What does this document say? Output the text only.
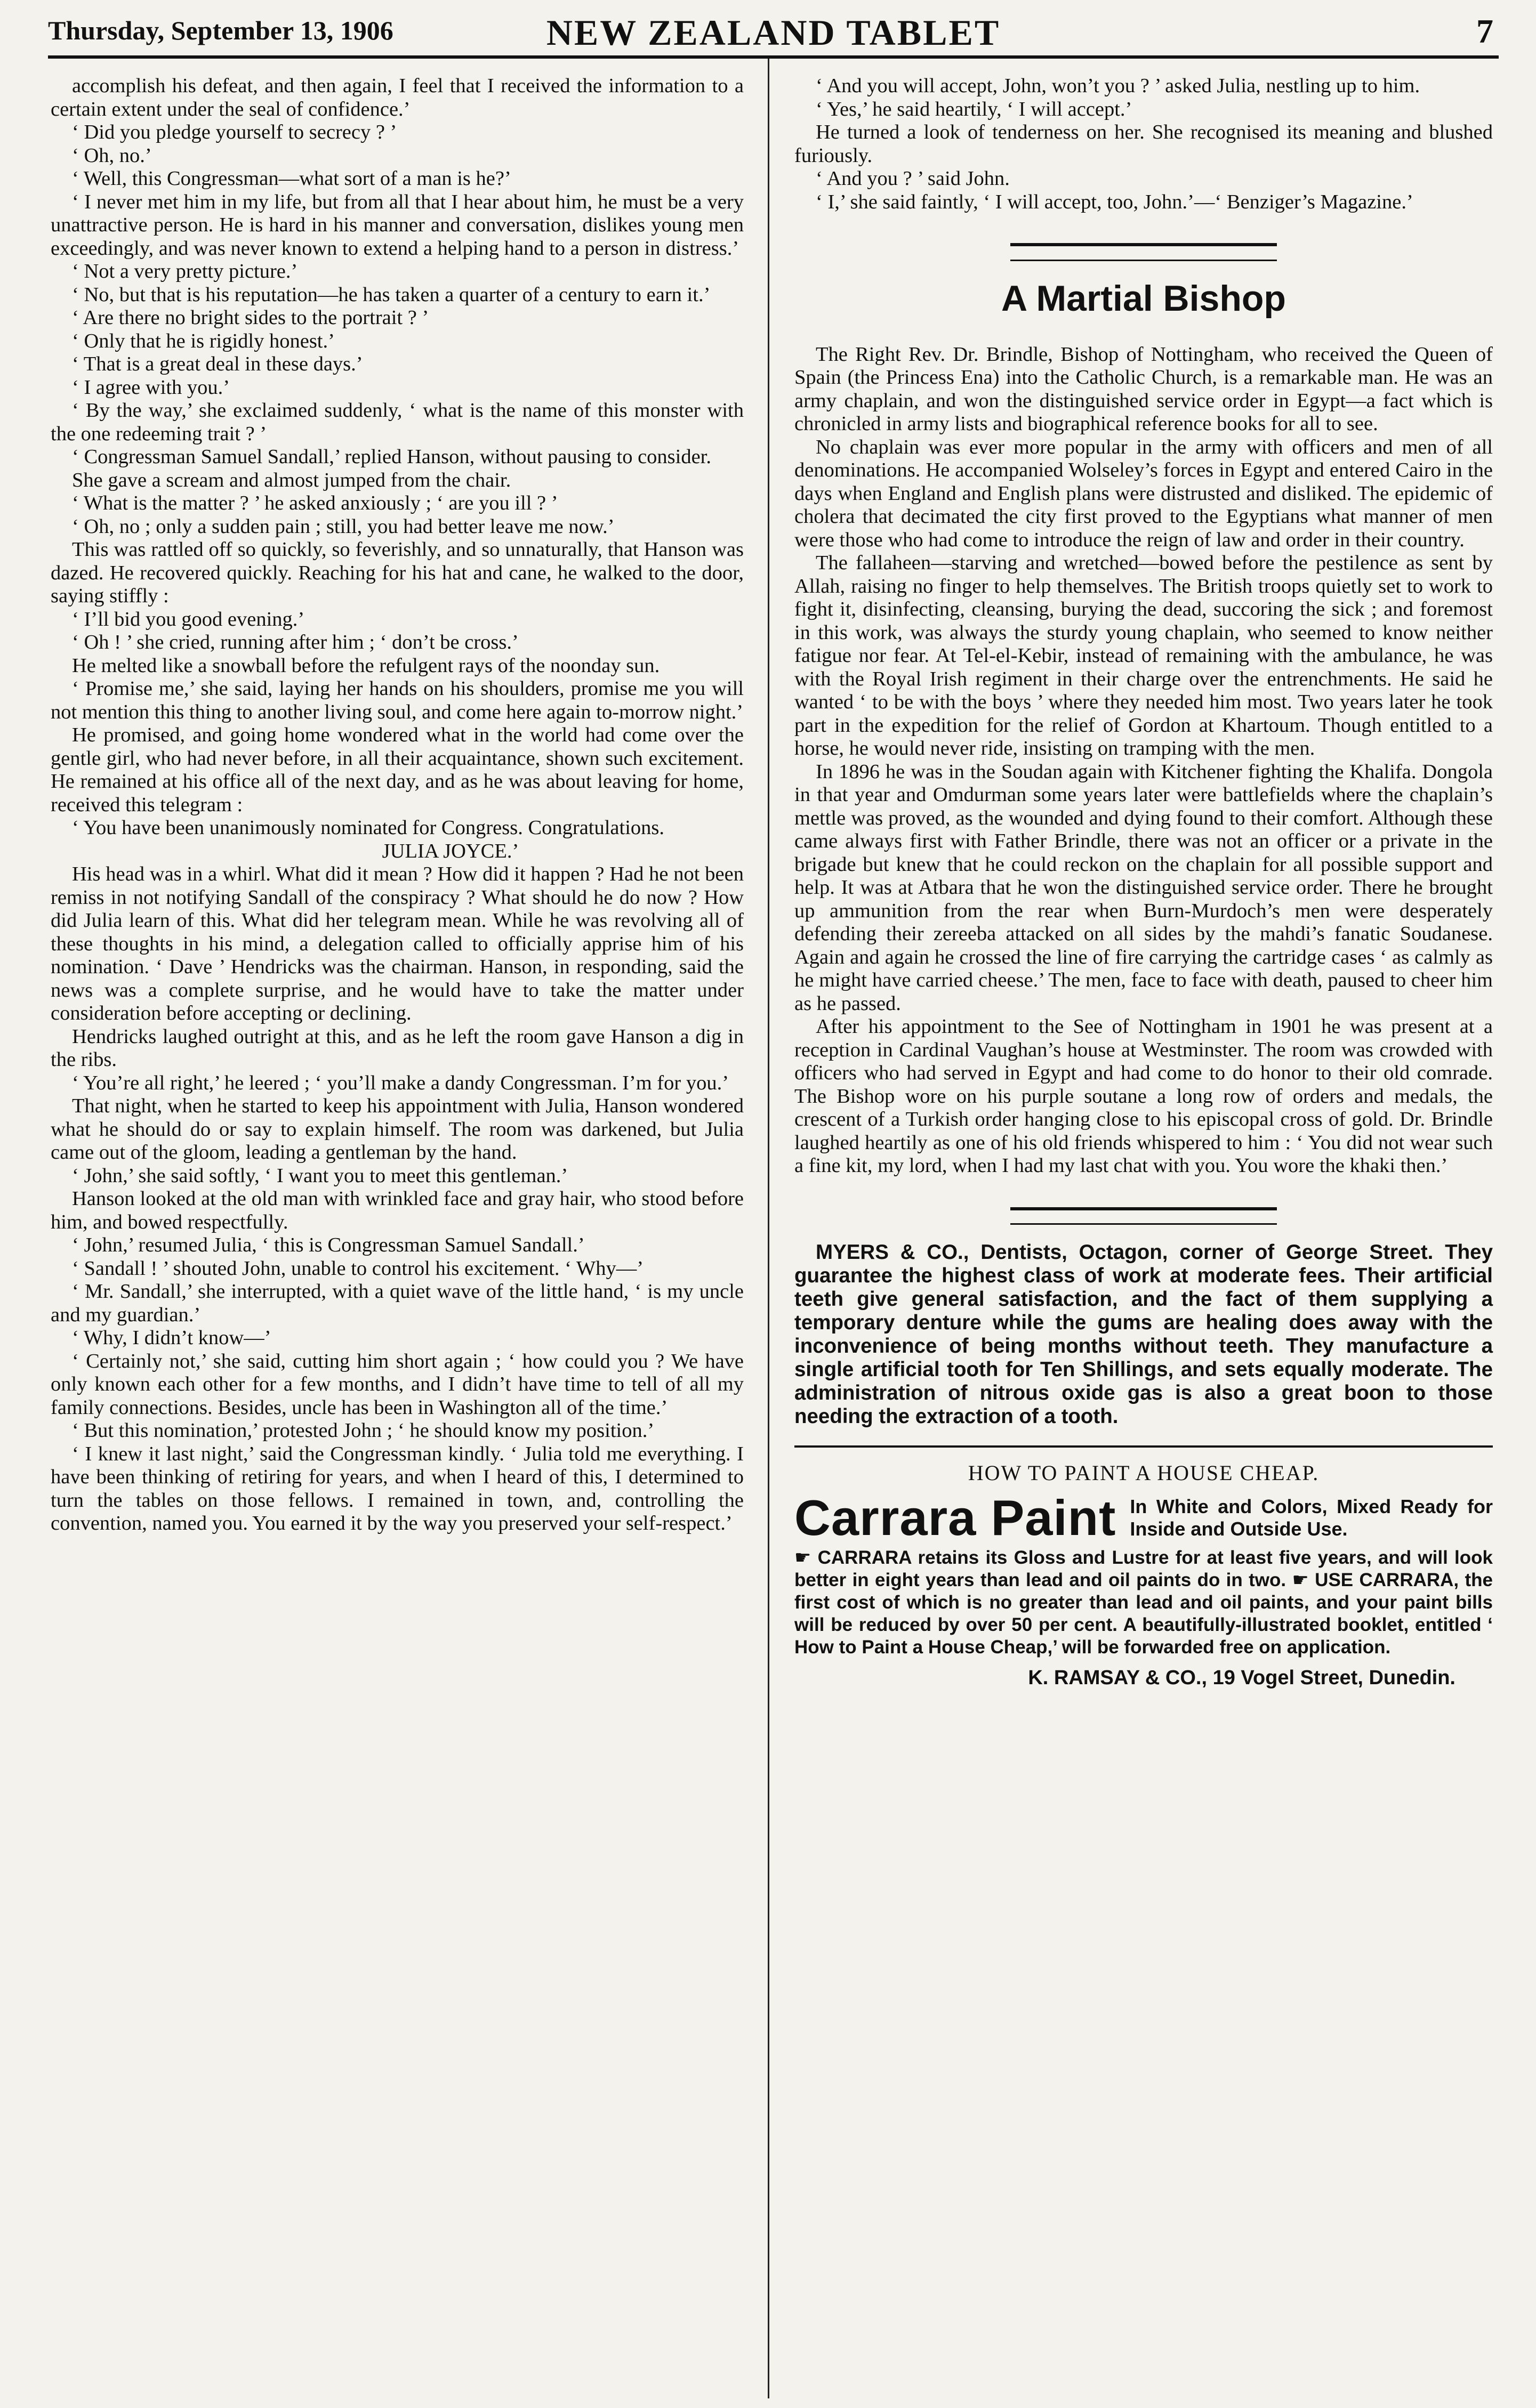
Thursday, September 13, 1906	NEW ZEALAND TABLET	7

accomplish his defeat, and then again, I feel that I received the information to a certain extent under the seal of confidence.’

‘ Did you pledge yourself to secrecy ? ’

‘ Oh, no.’

‘ Well, this Congressman—what sort of a man is he?’

‘ I never met him in my life, but from all that I hear about him, he must be a very unattractive person. He is hard in his manner and conversation, dislikes young men exceedingly, and was never known to extend a helping hand to a person in distress.’

‘ Not a very pretty picture.’

‘ No, but that is his reputation—he has taken a quarter of a century to earn it.’

‘ Are there no bright sides to the portrait ? ’

‘ Only that he is rigidly honest.’

‘ That is a great deal in these days.’

‘ I agree with you.’

‘ By the way,’ she exclaimed suddenly, ‘ what is the name of this monster with the one redeeming trait ? ’

‘ Congressman Samuel Sandall,’ replied Hanson, without pausing to consider.

She gave a scream and almost jumped from the chair.

‘ What is the matter ? ’ he asked anxiously ; ‘ are you ill ? ’

‘ Oh, no ; only a sudden pain ; still, you had better leave me now.’

This was rattled off so quickly, so feverishly, and so unnaturally, that Hanson was dazed. He recovered quickly. Reaching for his hat and cane, he walked to the door, saying stiffly :

‘ I’ll bid you good evening.’

‘ Oh ! ’ she cried, running after him ; ‘ don’t be cross.’

He melted like a snowball before the refulgent rays of the noonday sun.

‘ Promise me,’ she said, laying her hands on his shoulders, promise me you will not mention this thing to another living soul, and come here again to-morrow night.’

He promised, and going home wondered what in the world had come over the gentle girl, who had never before, in all their acquaintance, shown such excitement. He remained at his office all of the next day, and as he was about leaving for home, received this telegram :

‘ You have been unanimously nominated for Congress. Congratulations.

JULIA JOYCE.’

His head was in a whirl. What did it mean ? How did it happen ? Had he not been remiss in not notifying Sandall of the conspiracy ? What should he do now ? How did Julia learn of this. What did her telegram mean. While he was revolving all of these thoughts in his mind, a delegation called to officially apprise him of his nomination. ‘ Dave ’ Hendricks was the chairman. Hanson, in responding, said the news was a complete surprise, and he would have to take the matter under consideration before accepting or declining.

Hendricks laughed outright at this, and as he left the room gave Hanson a dig in the ribs.

‘ You’re all right,’ he leered ; ‘ you’ll make a dandy Congressman. I’m for you.’

That night, when he started to keep his appointment with Julia, Hanson wondered what he should do or say to explain himself. The room was darkened, but Julia came out of the gloom, leading a gentleman by the hand.

‘ John,’ she said softly, ‘ I want you to meet this gentleman.’

Hanson looked at the old man with wrinkled face and gray hair, who stood before him, and bowed respectfully.

‘ John,’ resumed Julia, ‘ this is Congressman Samuel Sandall.’

‘ Sandall ! ’ shouted John, unable to control his excitement. ‘ Why—’

‘ Mr. Sandall,’ she interrupted, with a quiet wave of the little hand, ‘ is my uncle and my guardian.’

‘ Why, I didn’t know—’

‘ Certainly not,’ she said, cutting him short again ; ‘ how could you ? We have only known each other for a few months, and I didn’t have time to tell of all my family connections. Besides, uncle has been in Washington all of the time.’

‘ But this nomination,’ protested John ; ‘ he should know my position.’

‘ I knew it last night,’ said the Congressman kindly. ‘ Julia told me everything. I have been thinking of retiring for years, and when I heard of this, I determined to turn the tables on those fellows. I remained in town, and, controlling the convention, named you. You earned it by the way you preserved your self-respect.’

‘ And you will accept, John, won’t you ? ’ asked Julia, nestling up to him.

‘ Yes,’ he said heartily, ‘ I will accept.’

He turned a look of tenderness on her. She recognised its meaning and blushed furiously.

‘ And you ? ’ said John.

‘ I,’ she said faintly, ‘ I will accept, too, John.’—‘ Benziger’s Magazine.’

A Martial Bishop

The Right Rev. Dr. Brindle, Bishop of Nottingham, who received the Queen of Spain (the Princess Ena) into the Catholic Church, is a remarkable man. He was an army chaplain, and won the distinguished service order in Egypt—a fact which is chronicled in army lists and biographical reference books for all to see.

No chaplain was ever more popular in the army with officers and men of all denominations. He accompanied Wolseley’s forces in Egypt and entered Cairo in the days when England and English plans were distrusted and disliked. The epidemic of cholera that decimated the city first proved to the Egyptians what manner of men were those who had come to introduce the reign of law and order in their country.

The fallaheen—starving and wretched—bowed before the pestilence as sent by Allah, raising no finger to help themselves. The British troops quietly set to work to fight it, disinfecting, cleansing, burying the dead, succoring the sick ; and foremost in this work, was always the sturdy young chaplain, who seemed to know neither fatigue nor fear. At Tel-el-Kebir, instead of remaining with the ambulance, he was with the Royal Irish regiment in their charge over the entrenchments. He said he wanted ‘ to be with the boys ’ where they needed him most. Two years later he took part in the expedition for the relief of Gordon at Khartoum. Though entitled to a horse, he would never ride, insisting on tramping with the men.

In 1896 he was in the Soudan again with Kitchener fighting the Khalifa. Dongola in that year and Omdurman some years later were battlefields where the chaplain’s mettle was proved, as the wounded and dying found to their comfort. Although these came always first with Father Brindle, there was not an officer or a private in the brigade but knew that he could reckon on the chaplain for all possible support and help. It was at Atbara that he won the distinguished service order. There he brought up ammunition from the rear when Burn-Murdoch’s men were desperately defending their zereeba attacked on all sides by the mahdi’s fanatic Soudanese. Again and again he crossed the line of fire carrying the cartridge cases ‘ as calmly as he might have carried cheese.’ The men, face to face with death, paused to cheer him as he passed.

After his appointment to the See of Nottingham in 1901 he was present at a reception in Cardinal Vaughan’s house at Westminster. The room was crowded with officers who had served in Egypt and had come to do honor to their old comrade. The Bishop wore on his purple soutane a long row of orders and medals, the crescent of a Turkish order hanging close to his episcopal cross of gold. Dr. Brindle laughed heartily as one of his old friends whispered to him : ‘ You did not wear such a fine kit, my lord, when I had my last chat with you. You wore the khaki then.’

MYERS & CO., Dentists, Octagon, corner of George Street. They guarantee the highest class of work at moderate fees. Their artificial teeth give general satisfaction, and the fact of them supplying a temporary denture while the gums are healing does away with the inconvenience of being months without teeth. They manufacture a single artificial tooth for Ten Shillings, and sets equally moderate. The administration of nitrous oxide gas is also a great boon to those needing the extraction of a tooth.

HOW TO PAINT A HOUSE CHEAP.
Carrara Paint In White and Colors, Mixed Ready for Inside and Outside Use.
☛ CARRARA retains its Gloss and Lustre for at least five years, and will look better in eight years than lead and oil paints do in two. ☛ USE CARRARA, the first cost of which is no greater than lead and oil paints, and your paint bills will be reduced by over 50 per cent. A beautifully-illustrated booklet, entitled ‘ How to Paint a House Cheap,’ will be forwarded free on application.
K. RAMSAY & CO., 19 Vogel Street, Dunedin.
